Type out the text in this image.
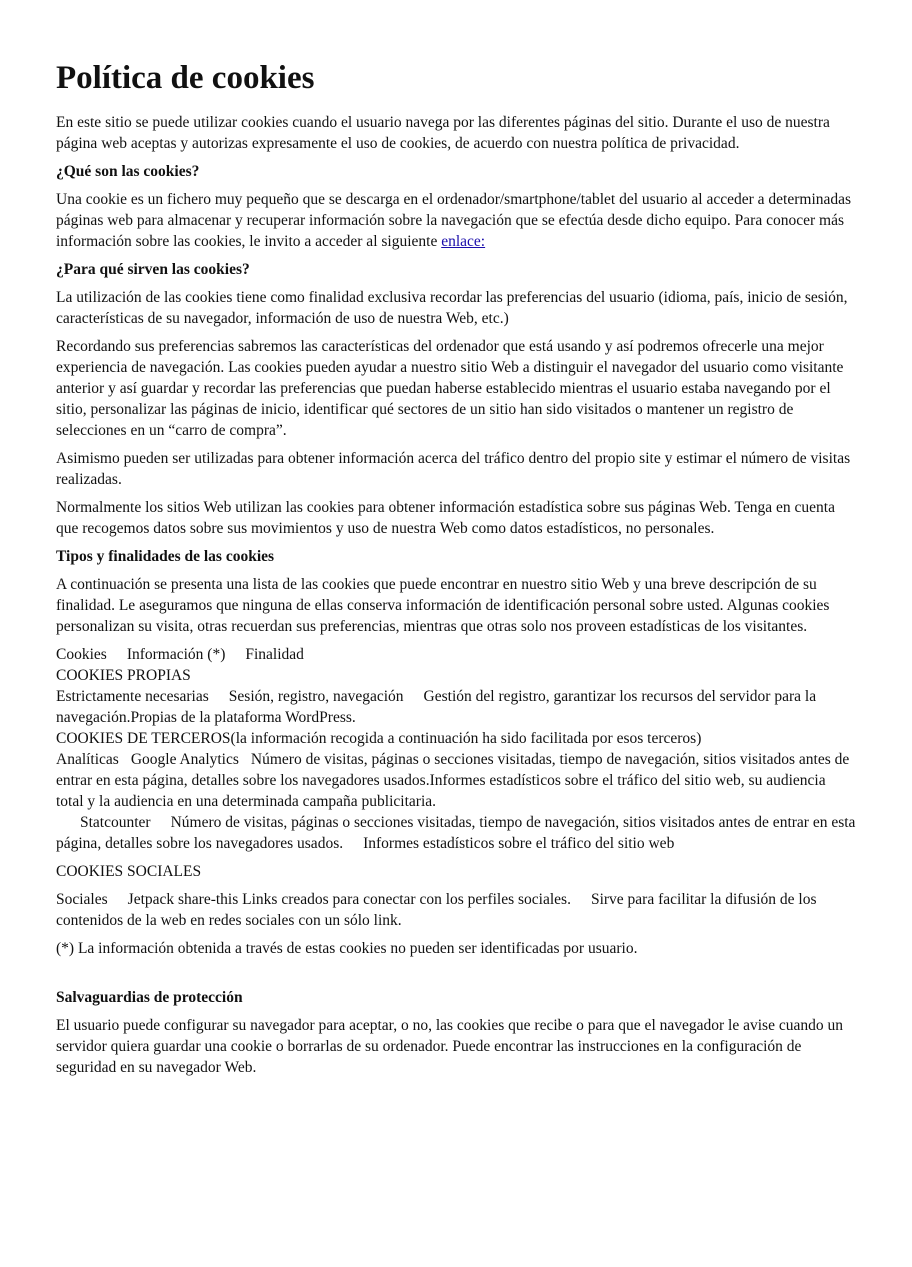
Política de cookies

En este sitio se puede utilizar cookies cuando el usuario navega por las diferentes páginas del sitio. Durante el uso de nuestra página web aceptas y autorizas expresamente el uso de cookies, de acuerdo con nuestra política de privacidad.

¿Qué son las cookies?

Una cookie es un fichero muy pequeño que se descarga en el ordenador/smartphone/tablet del usuario al acceder a determinadas páginas web para almacenar y recuperar información sobre la navegación que se efectúa desde dicho equipo. Para conocer más información sobre las cookies, le invito a acceder al siguiente enlace:

¿Para qué sirven las cookies?

La utilización de las cookies tiene como finalidad exclusiva recordar las preferencias del usuario (idioma, país, inicio de sesión, características de su navegador, información de uso de nuestra Web, etc.)

Recordando sus preferencias sabremos las características del ordenador que está usando y así podremos ofrecerle una mejor experiencia de navegación. Las cookies pueden ayudar a nuestro sitio Web a distinguir el navegador del usuario como visitante anterior y así guardar y recordar las preferencias que puedan haberse establecido mientras el usuario estaba navegando por el sitio, personalizar las páginas de inicio, identificar qué sectores de un sitio han sido visitados o mantener un registro de selecciones en un “carro de compra”.

Asimismo pueden ser utilizadas para obtener información acerca del tráfico dentro del propio site y estimar el número de visitas realizadas.

Normalmente los sitios Web utilizan las cookies para obtener información estadística sobre sus páginas Web. Tenga en cuenta que recogemos datos sobre sus movimientos y uso de nuestra Web como datos estadísticos, no personales.

Tipos y finalidades de las cookies

A continuación se presenta una lista de las cookies que puede encontrar en nuestro sitio Web y una breve descripción de su finalidad. Le aseguramos que ninguna de ellas conserva información de identificación personal sobre usted. Algunas cookies personalizan su visita, otras recuerdan sus preferencias, mientras que otras solo nos proveen estadísticas de los visitantes.

Cookies Información (*) Finalidad
COOKIES PROPIAS
Estrictamente necesarias Sesión, registro, navegación Gestión del registro, garantizar los recursos del servidor para la navegación.Propias de la plataforma WordPress.
COOKIES DE TERCEROS(la información recogida a continuación ha sido facilitada por esos terceros)
Analíticas Google Analytics Número de visitas, páginas o secciones visitadas, tiempo de navegación, sitios visitados antes de entrar en esta página, detalles sobre los navegadores usados.Informes estadísticos sobre el tráfico del sitio web, su audiencia total y la audiencia en una determinada campaña publicitaria.
Statcounter Número de visitas, páginas o secciones visitadas, tiempo de navegación, sitios visitados antes de entrar en esta página, detalles sobre los navegadores usados. Informes estadísticos sobre el tráfico del sitio web

COOKIES SOCIALES

Sociales Jetpack share-this Links creados para conectar con los perfiles sociales. Sirve para facilitar la difusión de los contenidos de la web en redes sociales con un sólo link.

(*) La información obtenida a través de estas cookies no pueden ser identificadas por usuario.

Salvaguardias de protección

El usuario puede configurar su navegador para aceptar, o no, las cookies que recibe o para que el navegador le avise cuando un servidor quiera guardar una cookie o borrarlas de su ordenador. Puede encontrar las instrucciones en la configuración de seguridad en su navegador Web.
